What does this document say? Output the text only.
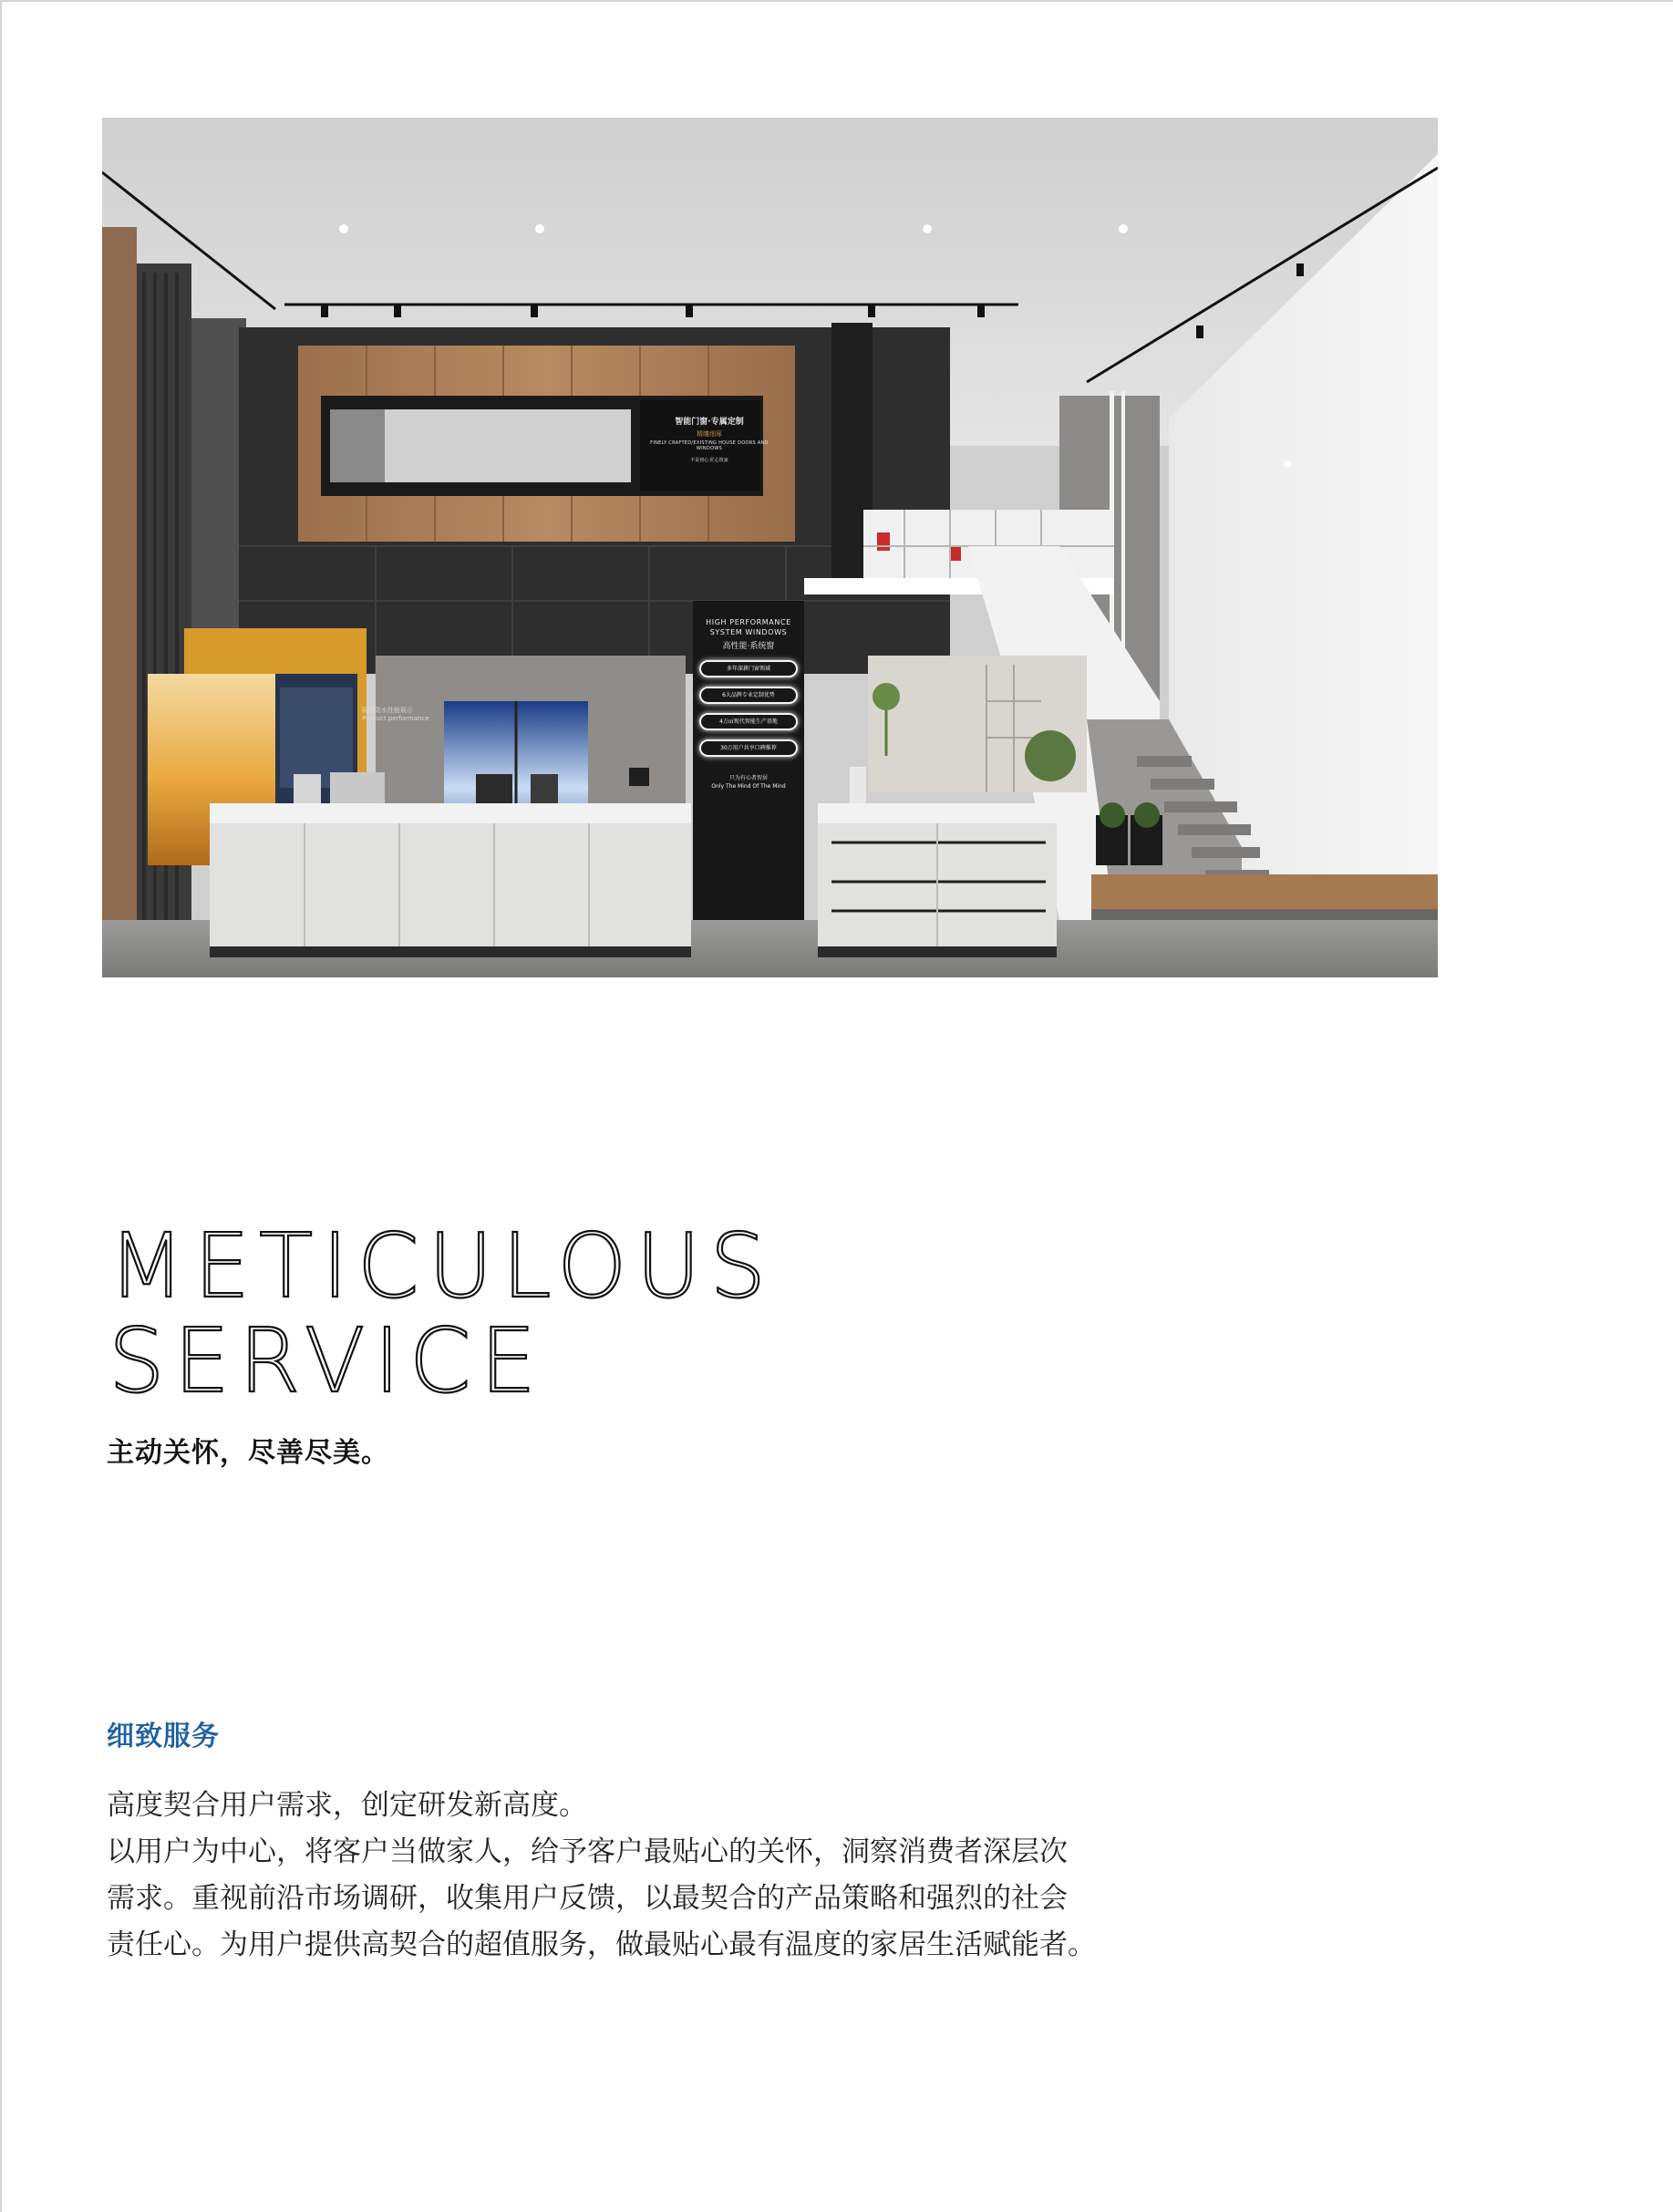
智能门窗·专属定制
精雕细琢
FINELY CRAFTED/EXISTING HOUSE DOORS AND WINDOWS
不是初心·匠心筑家
隔音防水性能展示
Product performance
HIGH PERFORMANCE
SYSTEM WINDOWS
高性能·系统窗
多年深耕门窗领域
6大品牌专业定制优势
4万㎡现代智能生产基地
30万用户共享口碑推荐
只为有心者智居
Only The Mind Of The Mind
METICULOUS
SERVICE
主动关怀，尽善尽美。
细致服务

高度契合用户需求，创定研发新高度。

以用户为中心，将客户当做家人，给予客户最贴心的关怀，洞察消费者深层次

需求。重视前沿市场调研，收集用户反馈，以最契合的产品策略和强烈的社会

责任心。为用户提供高契合的超值服务，做最贴心最有温度的家居生活赋能者。
